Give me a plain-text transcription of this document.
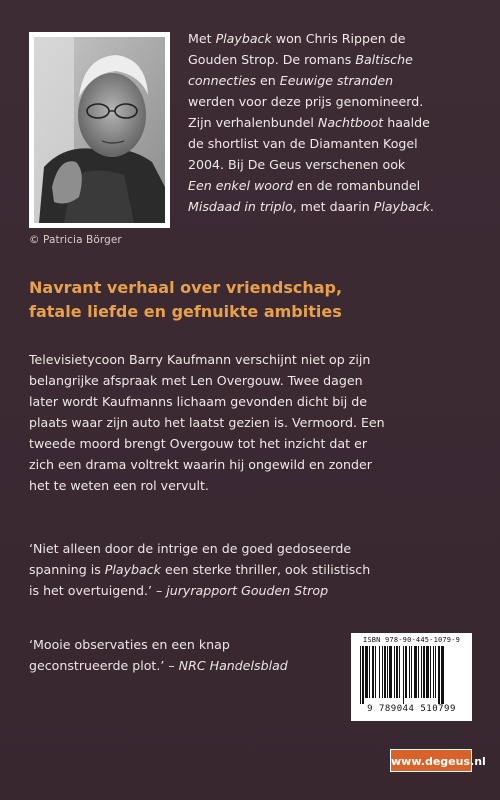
© Patricia Börger
Met Playback won Chris Rippen de
Gouden Strop. De romans Baltische
connecties en Eeuwige stranden
werden voor deze prijs genomineerd.
Zijn verhalenbundel Nachtboot haalde
de shortlist van de Diamanten Kogel
2004. Bij De Geus verschenen ook
Een enkel woord en de romanbundel
Misdaad in triplo, met daarin Playback.
Navrant verhaal over vriendschap,
fatale liefde en gefnuikte ambities
Televisietycoon Barry Kaufmann verschijnt niet op zijn
belangrijke afspraak met Len Overgouw. Twee dagen
later wordt Kaufmanns lichaam gevonden dicht bij de
plaats waar zijn auto het laatst gezien is. Vermoord. Een
tweede moord brengt Overgouw tot het inzicht dat er
zich een drama voltrekt waarin hij ongewild en zonder
het te weten een rol vervult.
‘Niet alleen door de intrige en de goed gedoseerde
spanning is Playback een sterke thriller, ook stilistisch
is het overtuigend.’ – juryrapport Gouden Strop
‘Mooie observaties en een knap
geconstrueerde plot.’ – NRC Handelsblad
ISBN 978-90-445-1079-9
9 789044 510799
www.degeus.nl
